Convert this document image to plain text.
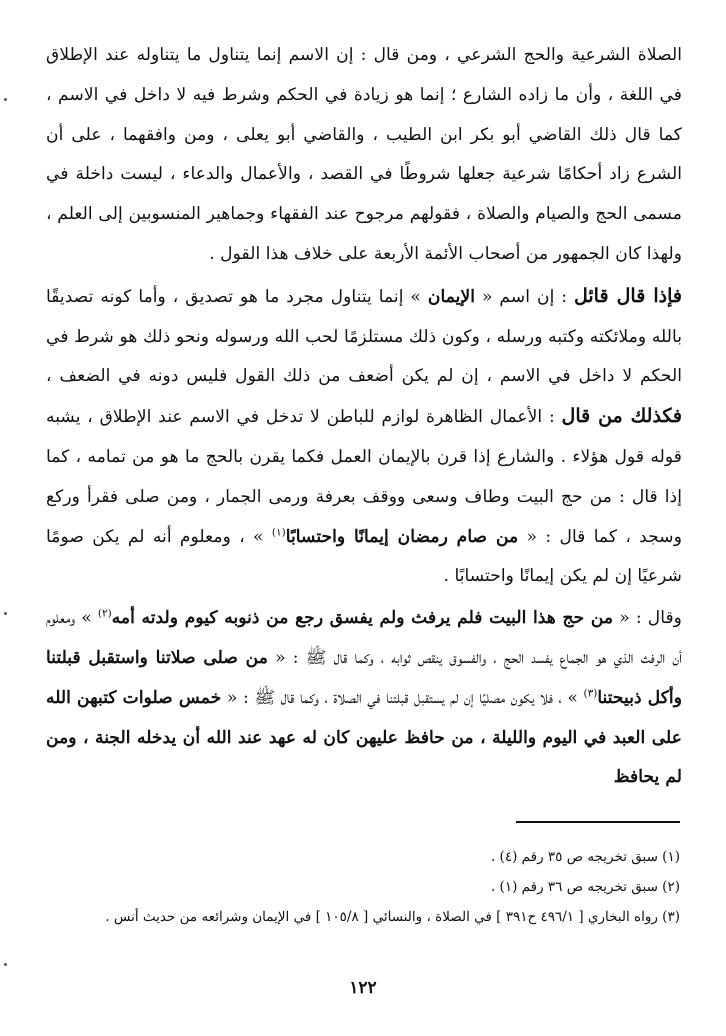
الصلاة الشرعية والحج الشرعي ، ومن قال : إن الاسم إنما يتناول ما يتناوله عند الإطلاق في اللغة ، وأن ما زاده الشارع ؛ إنما هو زيادة في الحكم وشرط فيه لا داخل في الاسم ، كما قال ذلك القاضي أبو بكر ابن الطيب ، والقاضي أبو يعلى ، ومن وافقهما ، على أن الشرع زاد أحكامًا شرعية جعلها شروطًا في القصد ، والأعمال والدعاء ، ليست داخلة في مسمى الحج والصيام والصلاة ، فقولهم مرجوح عند الفقهاء وجماهير المنسوبين إلى العلم ، ولهذا كان الجمهور من أصحاب الأئمة الأربعة على خلاف هذا القول .

فإذا قال قائل : إن اسم « الإيمان » إنما يتناول مجرد ما هو تصديق ، وأما كونه تصديقًا بالله وملائكته وكتبه ورسله ، وكون ذلك مستلزمًا لحب الله ورسوله ونحو ذلك هو شرط في الحكم لا داخل في الاسم ، إن لم يكن أضعف من ذلك القول فليس دونه في الضعف ، فكذلك من قال : الأعمال الظاهرة لوازم للباطن لا تدخل في الاسم عند الإطلاق ، يشبه قوله قول هؤلاء . والشارع إذا قرن بالإيمان العمل فكما يقرن بالحج ما هو من تمامه ، كما إذا قال : من حج البيت وطاف وسعى ووقف بعرفة ورمى الجمار ، ومن صلى فقرأ وركع وسجد ، كما قال : « من صام رمضان إيمانًا واحتسابًا$^{(١)}$ » ، ومعلوم أنه لم يكن صومًا شرعيًا إن لم يكن إيمانًا واحتسابًا .

وقال : « من حج هذا البيت فلم يرفث ولم يفسق رجع من ذنوبه كيوم ولدته أمه$^{(٢)}$ » ومعلوم أن الرفث الذي هو الجماع يفسد الحج ، والفسوق ينقص ثوابه ، وكما قال ﷺ : « من صلى صلاتنا واستقبل قبلتنا وأكل ذبيحتنا$^{(٣)}$ » ، فلا يكون مصليًا إن لم يستقبل قبلتنا في الصلاة ، وكما قال ﷺ : « خمس صلوات كتبهن الله على العبد في اليوم والليلة ، من حافظ عليهن كان له عهد عند الله أن يدخله الجنة ، ومن لم يحافظ

(١) سبق تخريجه ص ٣٥ رقم (٤) .

(٢) سبق تخريجه ص ٣٦ رقم (١) .

(٣) رواه البخاري [ ٤٩٦/١ ح٣٩١ ] في الصلاة ، والنسائي [ ١٠٥/٨ ] في الإيمان وشرائعه من حديث أنس .

١٢٢
